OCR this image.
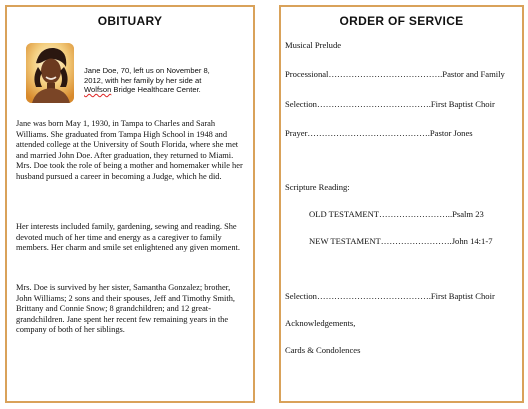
OBITUARY
Jane Doe, 70, left us on November 8,
2012, with her family by her side at
Wolfson Bridge Healthcare Center.
Jane was born May 1, 1930, in Tampa to Charles and Sarah Williams. She graduated from Tampa High School in 1948 and attended college at the University of South Florida, where she met and married John Doe. After graduation, they returned to Miami. Mrs. Doe took the role of being a mother and homemaker while her husband pursued a career in becoming a Judge, which he did.
Her interests included family, gardening, sewing and reading. She devoted much of her time and energy as a caregiver to family members. Her charm and smile set enlightened any given moment.
Mrs. Doe is survived by her sister, Samantha Gonzalez; brother, John Williams; 2 sons and their spouses, Jeff and Timothy Smith, Brittany and Connie Snow; 8 grandchildren; and 12 great-grandchildren. Jane spent her recent few remaining years in the company of both of her siblings.
ORDER OF SERVICE
Musical Prelude
Processional………………………………….Pastor and Family
Selection………………………………….First Baptist Choir
Prayer…………………………………….Pastor Jones
Scripture Reading:
OLD TESTAMENT……………………..Psalm 23
NEW TESTAMENT…………………….John 14:1-7
Selection………………………………….First Baptist Choir
Acknowledgements,
Cards & Condolences
